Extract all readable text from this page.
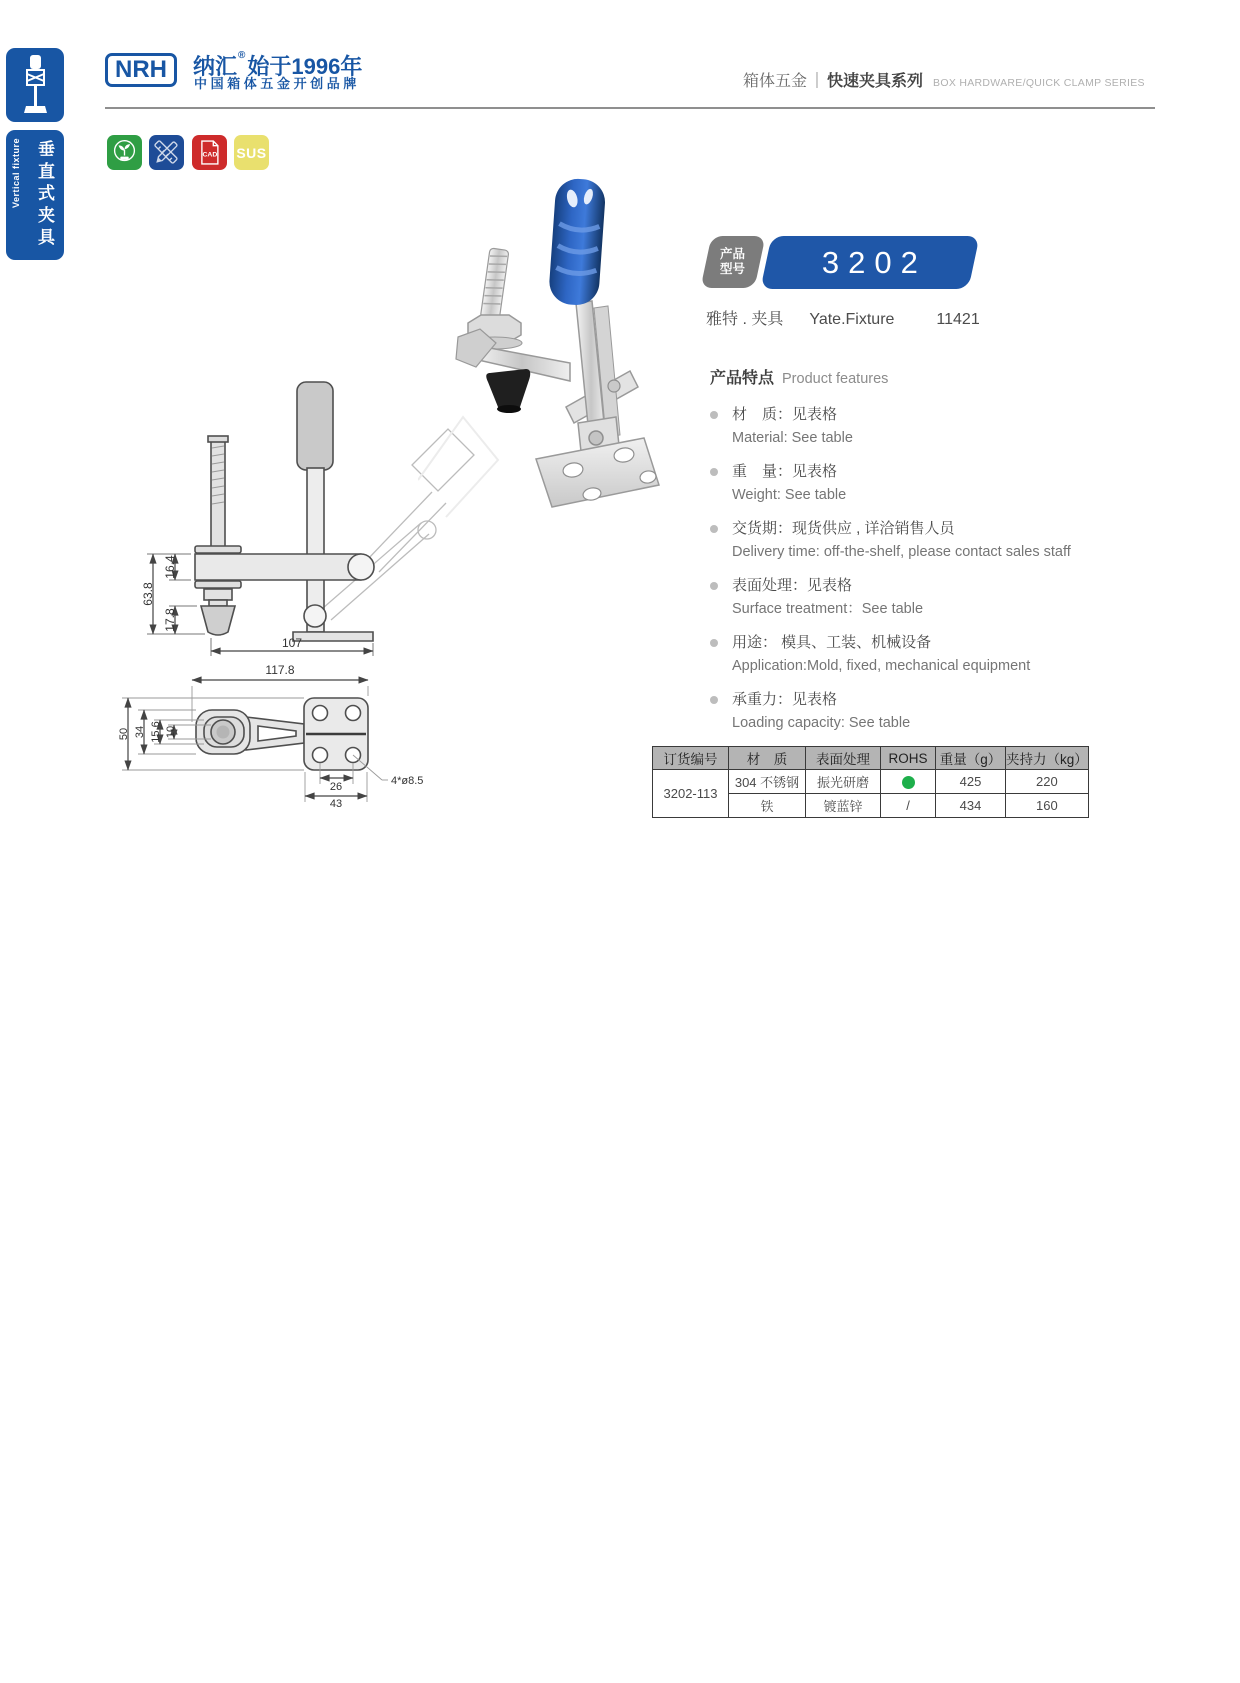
垂直式夹具
Vertical fixture
NRH 纳汇 ® 始于1996年
中国箱体五金开创品牌	箱体五金 ｜ 快速夹具系列 BOX HARDWARE/QUICK CLAMP SERIES
CAD SUS
16.4
63.8
17.8
107
117.8
50 34 15.6 10
26
43
4*ø8.5
产品
型号 3202
雅特 . 夹具 Yate.Fixture	11421
产品特点 Product features
材　质：见表格
Material: See table
重　量：见表格
Weight: See table
交货期：现货供应 , 详洽销售人员
Delivery time: off-the-shelf, please contact sales staff
表面处理：见表格
Surface treatment：See table
用途： 模具、工装、机械设备
Application:Mold, fixed, mechanical equipment
承重力：见表格
Loading capacity: See table
订货编号	材　质	表面处理	ROHS	重量（g）	夹持力（kg）
3202-113	304 不锈钢	振光研磨		425	220
	铁	镀蓝锌	/	434	160
